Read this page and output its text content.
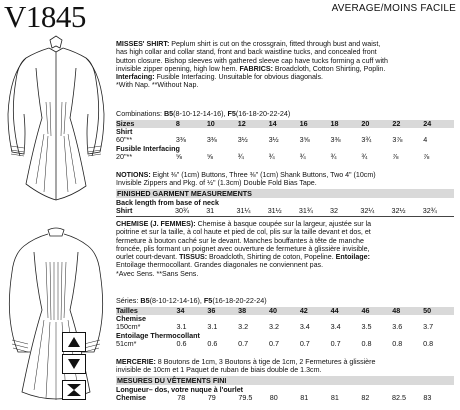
V1845	AVERAGE/MOINS FACILE
MISSES' SHIRT: Peplum shirt is cut on the crossgrain, fitted through bust and waist,
has high collar and collar stand, front and back waistline tucks, and concealed front
button closure. Bishop sleeves with gathered sleeve cap have tucks forming a cuff with
invisible zipper opening, high low hem. FABRICS: Broadcloth, Cotton Shirting, Poplin.
Interfacing: Fusible Interfacing. Unsuitable for obvious diagonals.
*With Nap. **Without Nap.
Combinations: B5(8-10-12-14-16), F5(16-18-20-22-24)
Sizes	8	10	12	14	16	18	20	22	24
Shirt									
60"**	3⅜	3⅜	3½	3½	3⅝	3⅜	3¾	3⅞	4
Fusible Interfacing									
20"**	⅝	⅝	¾	¾	¾	¾	¾	⅞	⅞
NOTIONS: Eight ⅜" (1cm) Buttons, Three ⅜" (1cm) Shank Buttons, Two 4" (10cm)
Invisible Zippers and Pkg. of ½" (1.3cm) Double Fold Bias Tape.
FINISHED GARMENT MEASUREMENTS
Back length from base of neck
Shirt	30¾	31	31¼	31½	31¾	32	32¼	32½	32¾
CHEMISE (J. FEMMES): Chemise à basque coupée sur la largeur, ajustée sur la
poitrine et sur la taille, à col haute et pied de col, plis sur la taille devant et dos, et
fermeture à bouton caché sur le devant. Manches bouffantes à tête de manche
froncée, plis formant un poignet avec ouverture de fermeture à glissière invisible,
ourlet court-devant. TISSUS: Broadcloth, Shirting de coton, Popeline. Entoilage:
Entoilage thermocollant. Grandes diagonales ne conviennent pas.
*Avec Sens. **Sans Sens.
Séries: B5(8-10-12-14-16), F5(16-18-20-22-24)
Tailles	34	36	38	40	42	44	46	48	50
Chemise									
150cm*	3.1	3.1	3.2	3.2	3.4	3.4	3.5	3.6	3.7
Entoilage Thermocollant									
51cm*	0.6	0.6	0.7	0.7	0.7	0.7	0.8	0.8	0.8
MERCERIE: 8 Boutons de 1cm, 3 Boutons à tige de 1cm, 2 Fermetures à glissière
invisible de 10cm et 1 Paquet de ruban de biais double de 1.3cm.
MESURES DU VÊTEMENTS FINI
Longueur– dos, votre nuque à l'ourlet
Chemise	78	79	79.5	80	81	81	82	82.5	83
